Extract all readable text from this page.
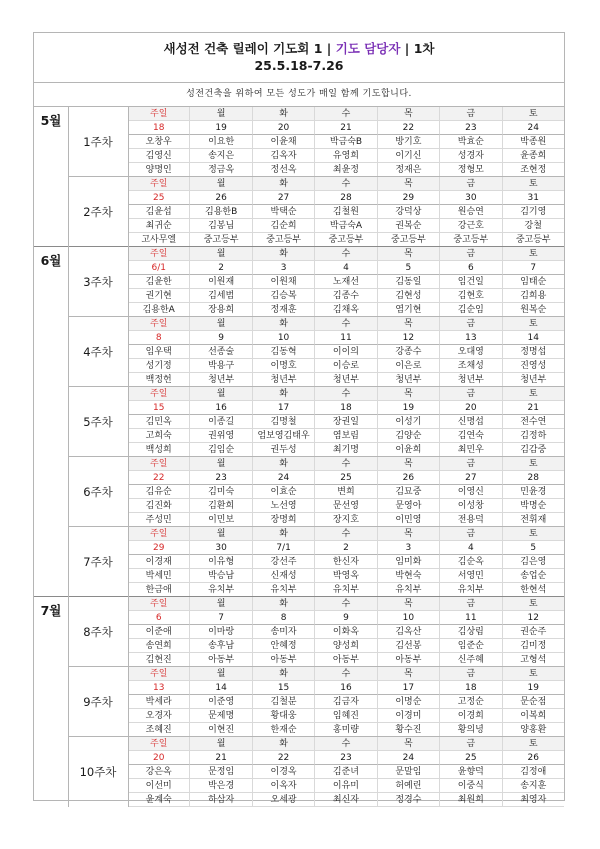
새성전 건축 릴레이 기도회 1 | 기도 담당자 | 1차
25.5.18-7.26
성전건축을 위하여 모든 성도가 매일 함께 기도합니다.
5월
1주차
주일	월	화	수	목	금	토
18	19	20	21	22	23	24
오창우	이요한	이윤채	박금숙B	방기호	박효순	박종원
김영신	송지은	김옥자	유영희	이기신	성경자	윤종희
양명인	정금옥	정선옥	최윤정	정재은	정형모	조현정
2주차
주일	월	화	수	목	금	토
25	26	27	28	29	30	31
김윤섭	김용한B	박택순	김철원	강덕상	원승연	김기영
최귀순	김봉님	김순희	박금숙A	권복순	강근호	강철
고사무엘	중고등부	중고등부	중고등부	중고등부	중고등부	중고등부
6월
3주차
주일	월	화	수	목	금	토
6/1	2	3	4	5	6	7
김윤한	이원재	이원채	노재선	김동일	임건일	임태순
권기현	김세범	김승복	김종수	김현성	김현호	김희용
김용한A	장용희	정재훈	김채옥	염기현	김순임	원복순
4주차
주일	월	화	수	목	금	토
8	9	10	11	12	13	14
임우택	선종술	김동혁	이이의	강종수	오대영	정명섭
성기정	박용구	이명호	이승로	이은로	조채성	진영성
백정헌	청년부	청년부	청년부	청년부	청년부	청년부
5주차
주일	월	화	수	목	금	토
15	16	17	18	19	20	21
김민옥	이종길	김명철	장권일	이성기	신명섭	전수연
고희숙	권위영	엄보영김태우	염보림	김양순	김연숙	김정하
백성희	김임순	권두성	최기명	이윤희	최민우	김감중
6주차
주일	월	화	수	목	금	토
22	23	24	25	26	27	28
김유순	김미숙	이효순	변희	김묘중	이영신	민윤경
김진화	김환희	노선영	문선영	문영아	이성창	박명순
주성민	이민보	장명희	장지호	이민영	전용덕	전휘재
7주차
주일	월	화	수	목	금	토
29	30	7/1	2	3	4	5
이경재	이유형	강선주	한신자	임미화	김순옥	김은영
박세민	박승남	신재성	박영옥	박현숙	서영민	송업순
한금애	유치부	유치부	유치부	유치부	유치부	한현석
7월
8주차
주일	월	화	수	목	금	토
6	7	8	9	10	11	12
이준애	이마랑	송미자	이화옥	김옥산	김상림	권순주
송연희	송후남	안혜정	양성희	김선봉	임준순	김미정
김현진	아동부	아동부	아동부	아동부	신주혜	고형석
9주차
주일	월	화	수	목	금	토
13	14	15	16	17	18	19
박세라	이준영	김철분	김금자	이명순	고정순	문순점
오경자	문제명	황대웅	임혜진	이경미	이경희	이복희
조혜진	이현진	한재순	홍미량	황수진	황의녕	양홍환
10주차
주일	월	화	수	목	금	토
20	21	22	23	24	25	26
강은옥	문정임	이경옥	김준녀	문말임	윤향덕	김정애
이선미	박은경	이옥자	이유미	허예린	이중식	송지훈
윤계숙	하삼자	오세광	최신자	정경수	최원희	최영자
